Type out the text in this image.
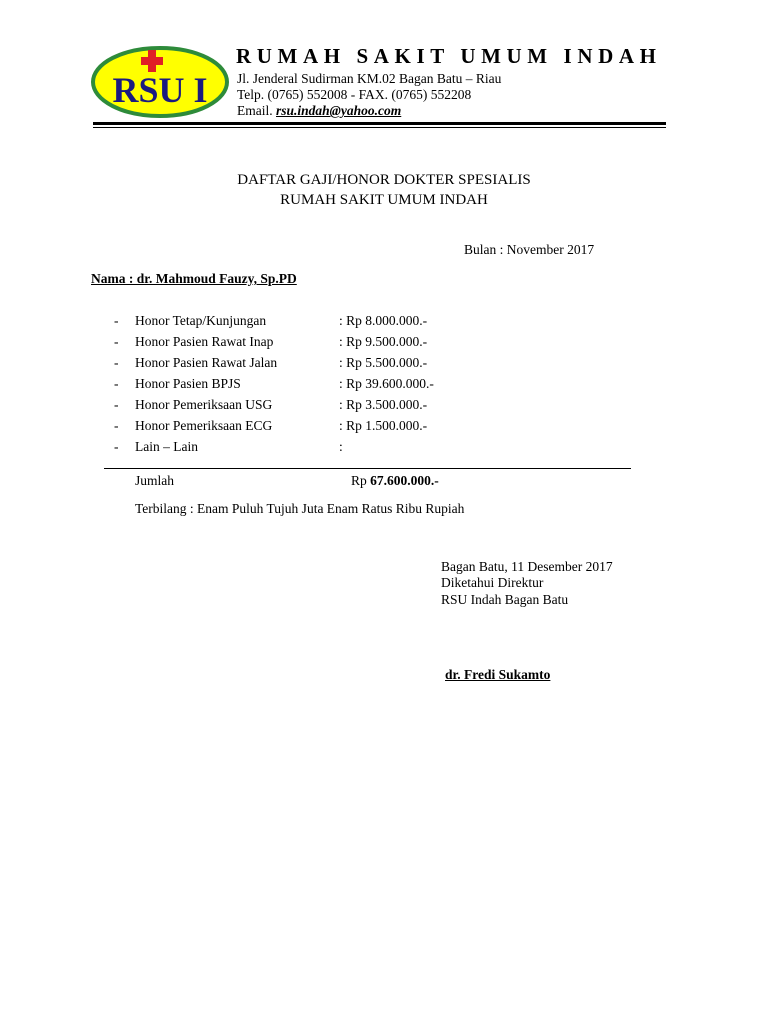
RSU I
RUMAH SAKIT UMUM INDAH
Jl. Jenderal Sudirman KM.02 Bagan Batu – Riau
Telp. (0765) 552008 - FAX. (0765) 552208
Email. rsu.indah@yahoo.com
DAFTAR GAJI/HONOR DOKTER SPESIALIS
RUMAH SAKIT UMUM INDAH
Bulan : November 2017
Nama : dr. Mahmoud Fauzy, Sp.PD
- Honor Tetap/Kunjungan	: Rp 8.000.000.-
- Honor Pasien Rawat Inap	: Rp 9.500.000.-
- Honor Pasien Rawat Jalan	: Rp 5.500.000.-
- Honor Pasien BPJS	: Rp 39.600.000.-
- Honor Pemeriksaan USG	: Rp 3.500.000.-
- Honor Pemeriksaan ECG	: Rp 1.500.000.-
- Lain – Lain	:
Jumlah	Rp 67.600.000.-
Terbilang : Enam Puluh Tujuh Juta Enam Ratus Ribu Rupiah
Bagan Batu, 11 Desember 2017
Diketahui Direktur
RSU Indah Bagan Batu
dr. Fredi Sukamto
